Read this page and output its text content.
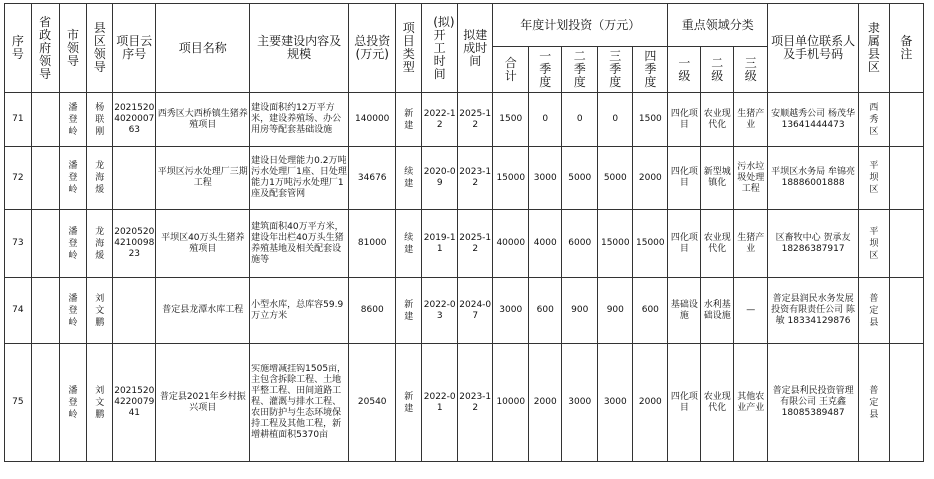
序号	省政府领导	市领导	县区领导	项目云序号	项目名称	主要建设内容及规模	总投资(万元)	项目类型	(拟)开工时间	拟建成时间	年度计划投资（万元）					重点领域分类			项目单位联系人及手机号码	隶属县区	备注
											合计	一季度	二季度	三季度	四季度	一级	二级	三级			
71		潘登岭	杨联刚	2021520402000763	西秀区大西桥镇生猪养殖项目	建设面积约12万平方米，建设养殖场、办公用房等配套基础设施	140000	新建	2022-12	2025-12	1500	0	0	0	1500	四化项目	农业现代化	生猪产业	安顺越秀公司 杨茂华 13641444473	西秀区	
72		潘登岭	龙海煖		平坝区污水处理厂三期工程	建设日处理能力0.2万吨污水处理厂1座、日处理能力1万吨污水处理厂1座及配套管网	34676	续建	2020-09	2023-12	15000	3000	5000	5000	2000	四化项目	新型城镇化	污水垃圾处理工程	平坝区水务局 牟锦亮 18886001888	平坝区	
73		潘登岭	龙海煖	2020520421009823	平坝区40万头生猪养殖项目	建筑面积40万平方米，建设年出栏40万头生猪养殖基地及相关配套设施等	81000	续建	2019-11	2025-12	40000	4000	6000	15000	15000	四化项目	农业现代化	生猪产业	区畜牧中心 贺承友 18286387917	平坝区	
74		潘登岭	刘文鹏		普定县龙潭水库工程	小型水库，总库容59.9万立方米	8600	新建	2022-03	2024-07	3000	600	900	900	600	基础设施	水利基础设施	—	普定县润民水务发展投资有限责任公司 陈敏 18334129876	普定县	
75		潘登岭	刘文鹏	2021520422007941	普定县2021年乡村振兴项目	实施增减挂钩1505亩，主包含拆除工程、土地平整工程、田间道路工程、灌溉与排水工程、农田防护与生态环境保持工程及其他工程，新增耕植面积5370亩	20540	新建	2022-01	2023-12	10000	2000	3000	3000	2000	四化项目	农业现代化	其他农业产业	普定县利民投资管理有限公司 王克鑫 18085389487	普定县	
